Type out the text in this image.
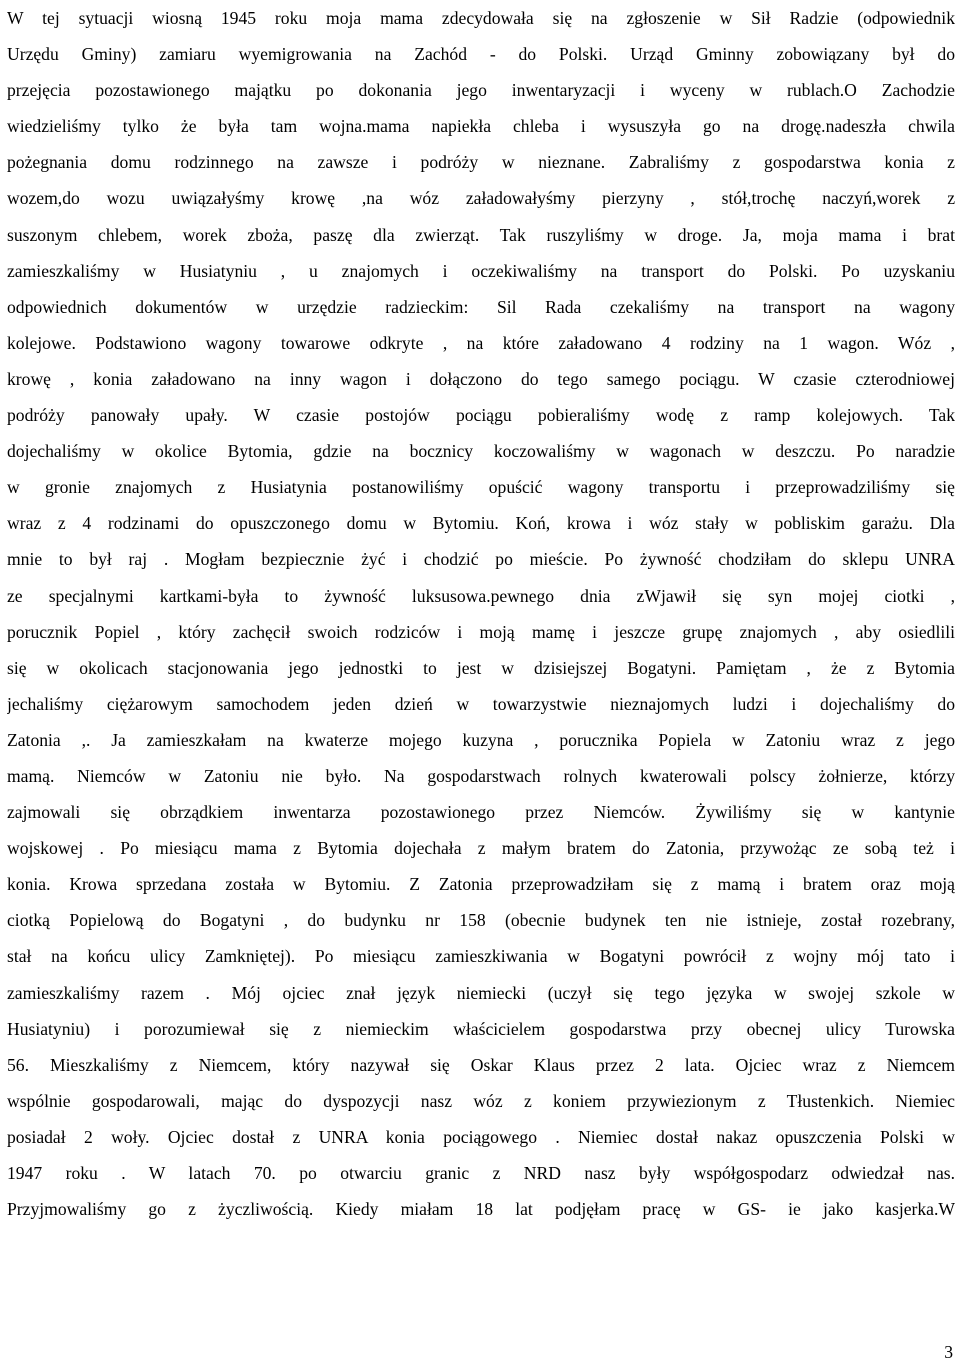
W tej sytuacji wiosną 1945 roku moja mama zdecydowała się na zgłoszenie w Sił Radzie (odpowiednik
Urzędu Gminy) zamiaru wyemigrowania na Zachód - do Polski. Urząd Gminny zobowiązany był do
przejęcia pozostawionego majątku po dokonania jego inwentaryzacji i wyceny w rublach.O Zachodzie
wiedzieliśmy tylko że była tam wojna.mama napiekła chleba i wysuszyła go na drogę.nadeszła chwila
pożegnania domu rodzinnego na zawsze i podróży w nieznane. Zabraliśmy z gospodarstwa konia z
wozem,do wozu uwiązałyśmy krowę ,na wóz załadowałyśmy pierzyny , stół,trochę naczyń,worek z
suszonym chlebem, worek zboża, paszę dla zwierząt. Tak ruszyliśmy w droge. Ja, moja mama i brat
zamieszkaliśmy w Husiatyniu , u znajomych i oczekiwaliśmy na transport do Polski. Po uzyskaniu
odpowiednich dokumentów w urzędzie radzieckim: Sil Rada czekaliśmy na transport na wagony
kolejowe. Podstawiono wagony towarowe odkryte , na które załadowano 4 rodziny na 1 wagon. Wóz ,
krowę , konia załadowano na inny wagon i dołączono do tego samego pociągu. W czasie czterodniowej
podróży panowały upały. W czasie postojów pociągu pobieraliśmy wodę z ramp kolejowych. Tak
dojechaliśmy w okolice Bytomia, gdzie na bocznicy koczowaliśmy w wagonach w deszczu. Po naradzie
w gronie znajomych z Husiatynia postanowiliśmy opuścić wagony transportu i przeprowadziliśmy się
wraz z 4 rodzinami do opuszczonego domu w Bytomiu. Koń, krowa i wóz stały w pobliskim garażu. Dla
mnie to był raj . Mogłam bezpiecznie żyć i chodzić po mieście. Po żywność chodziłam do sklepu UNRA
ze specjalnymi kartkami-była to żywność luksusowa.pewnego dnia zWjawił się syn mojej ciotki ,
porucznik Popiel , który zachęcił swoich rodziców i moją mamę i jeszcze grupę znajomych , aby osiedlili
się w okolicach stacjonowania jego jednostki to jest w dzisiejszej Bogatyni. Pamiętam , że z Bytomia
jechaliśmy ciężarowym samochodem jeden dzień w towarzystwie nieznajomych ludzi i dojechaliśmy do
Zatonia ,. Ja zamieszkałam na kwaterze mojego kuzyna , porucznika Popiela w Zatoniu wraz z jego
mamą. Niemców w Zatoniu nie było. Na gospodarstwach rolnych kwaterowali polscy żołnierze, którzy
zajmowali się obrządkiem inwentarza pozostawionego przez Niemców. Żywiliśmy się w kantynie
wojskowej . Po miesiącu mama z Bytomia dojechała z małym bratem do Zatonia, przywożąc ze sobą też i
konia. Krowa sprzedana została w Bytomiu. Z Zatonia przeprowadziłam się z mamą i bratem oraz moją
ciotką Popielową do Bogatyni , do budynku nr 158 (obecnie budynek ten nie istnieje, został rozebrany,
stał na końcu ulicy Zamkniętej). Po miesiącu zamieszkiwania w Bogatyni powrócił z wojny mój tato i
zamieszkaliśmy razem . Mój ojciec znał język niemiecki (uczył się tego języka w swojej szkole w
Husiatyniu) i porozumiewał się z niemieckim właścicielem gospodarstwa przy obecnej ulicy Turowska
56. Mieszkaliśmy z Niemcem, który nazywał się Oskar Klaus przez 2 lata. Ojciec wraz z Niemcem
wspólnie gospodarowali, mając do dyspozycji nasz wóz z koniem przywiezionym z Tłustenkich. Niemiec
posiadał 2 woły. Ojciec dostał z UNRA konia pociągowego . Niemiec dostał nakaz opuszczenia Polski w
1947 roku . W latach 70. po otwarciu granic z NRD nasz były współgospodarz odwiedzał nas.
Przyjmowaliśmy go z życzliwością. Kiedy miałam 18 lat podjęłam pracę w GS- ie jako kasjerka.W
3
